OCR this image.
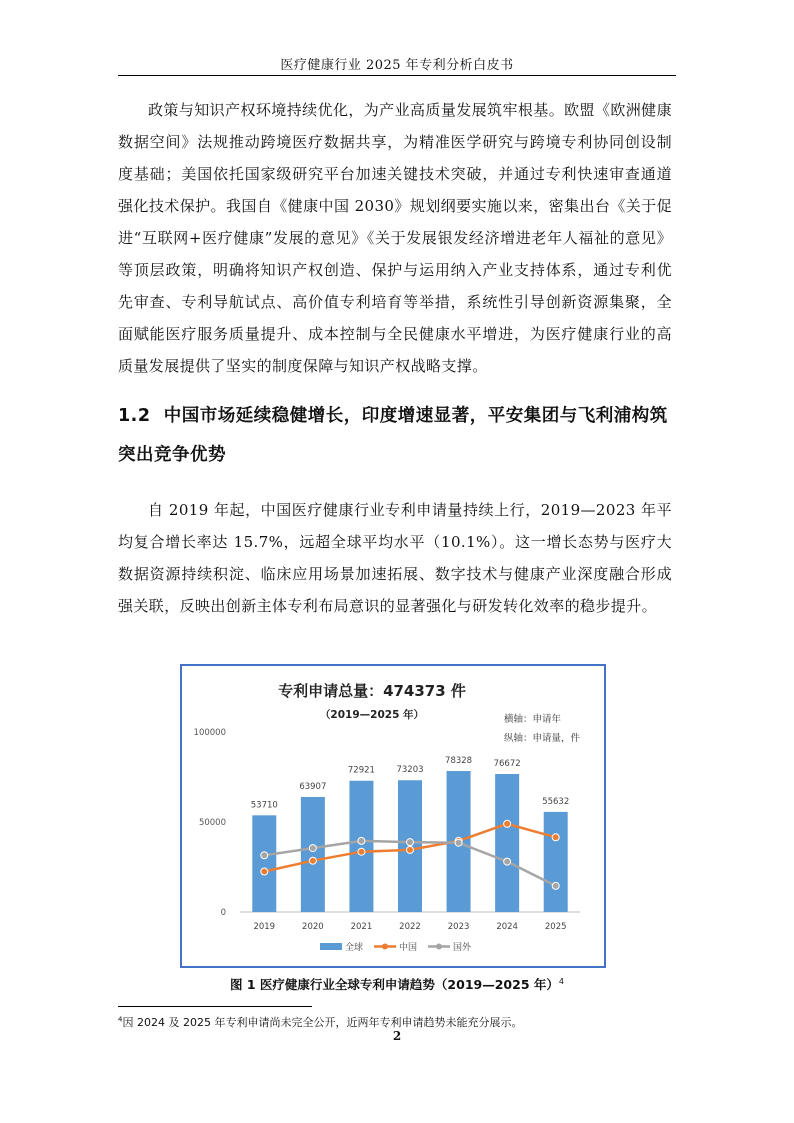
医疗健康行业 2025 年专利分析白皮书

政策与知识产权环境持续优化，为产业高质量发展筑牢根基。欧盟《欧洲健康数据空间》法规推动跨境医疗数据共享，为精准医学研究与跨境专利协同创设制度基础；美国依托国家级研究平台加速关键技术突破，并通过专利快速审查通道强化技术保护。我国自《健康中国 2030》规划纲要实施以来，密集出台《关于促进“互联网+医疗健康”发展的意见》《关于发展银发经济增进老年人福祉的意见》等顶层政策，明确将知识产权创造、保护与运用纳入产业支持体系，通过专利优先审查、专利导航试点、高价值专利培育等举措，系统性引导创新资源集聚，全面赋能医疗服务质量提升、成本控制与全民健康水平增进，为医疗健康行业的高质量发展提供了坚实的制度保障与知识产权战略支撑。

1.2 中国市场延续稳健增长，印度增速显著，平安集团与飞利浦构筑突出竞争优势

自 2019 年起，中国医疗健康行业专利申请量持续上行，2019—2023 年平均复合增长率达 15.7%，远超全球平均水平（10.1%）。这一增长态势与医疗大数据资源持续积淀、临床应用场景加速拓展、数字技术与健康产业深度融合形成强关联，反映出创新主体专利布局意识的显著强化与研发转化效率的稳步提升。

专利申请总量：474373 件
（2019—2025 年）	横轴：申请年
纵轴：申请量，件
0
50000
100000
53710
63907
72921	73203
78328	76672
55632
2019	2020	2021	2022	2023	2024	2025
全球	中国	国外
图 1 医疗健康行业全球专利申请趋势（2019—2025 年）$^4$
$^4$因 2024 及 2025 年专利申请尚未完全公开，近两年专利申请趋势未能充分展示。
2
